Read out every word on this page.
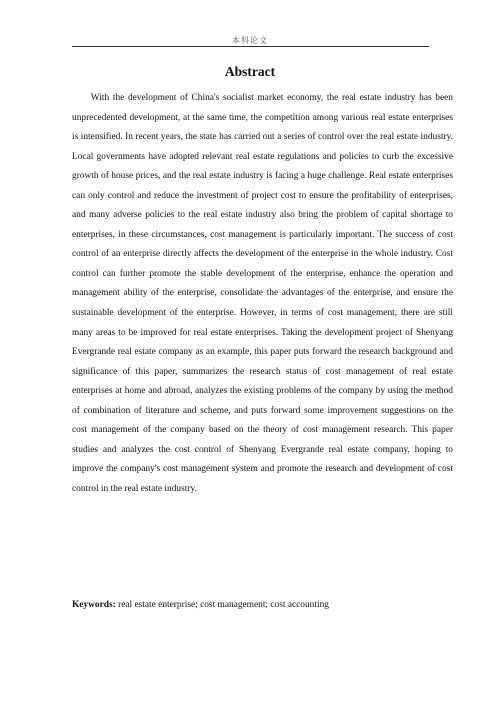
本科论文
Abstract

With the development of China's socialist market economy, the real estate industry has been unprecedented development, at the same time, the competition among various real estate enterprises is intensified. In recent years, the state has carried out a series of control over the real estate industry. Local governments have adopted relevant real estate regulations and policies to curb the excessive growth of house prices, and the real estate industry is facing a huge challenge. Real estate enterprises can only control and reduce the investment of project cost to ensure the profitability of enterprises, and many adverse policies to the real estate industry also bring the problem of capital shortage to enterprises, in these circumstances, cost management is particularly important. The success of cost control of an enterprise directly affects the development of the enterprise in the whole industry. Cost control can further promote the stable development of the enterprise, enhance the operation and management ability of the enterprise, consolidate the advantages of the enterprise, and ensure the sustainable development of the enterprise. However, in terms of cost management, there are still many areas to be improved for real estate enterprises. Taking the development project of Shenyang Evergrande real estate company as an example, this paper puts forward the research background and significance of this paper, summarizes the research status of cost management of real estate enterprises at home and abroad, analyzes the existing problems of the company by using the method of combination of literature and scheme, and puts forward some improvement suggestions on the cost management of the company based on the theory of cost management research. This paper studies and analyzes the cost control of Shenyang Evergrande real estate company, hoping to improve the company's cost management system and promote the research and development of cost control in the real estate industry.

Keywords: real estate enterprise; cost management; cost accounting
